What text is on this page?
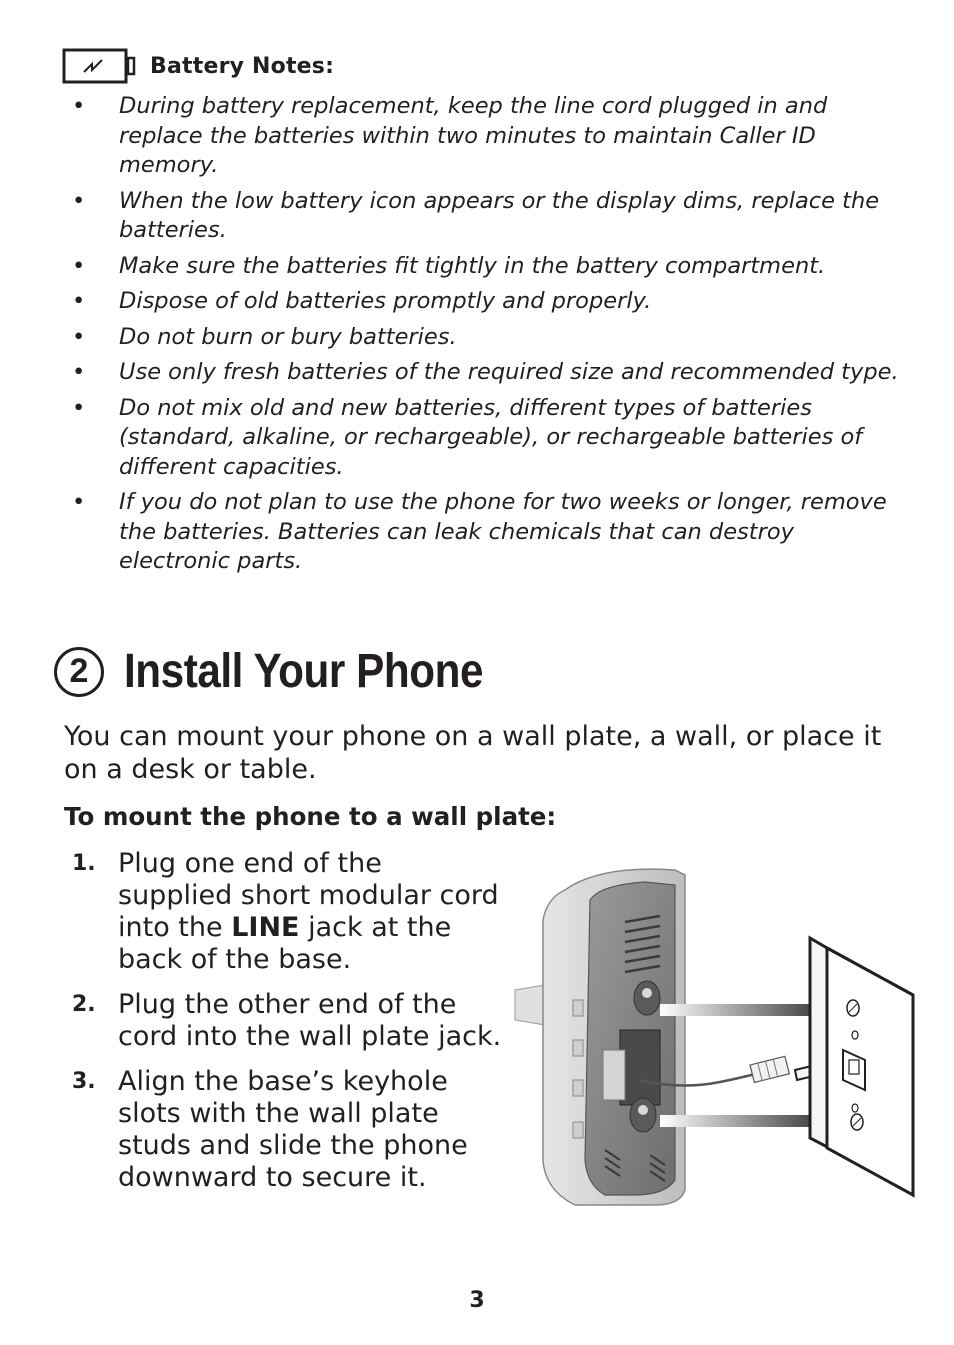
Battery Notes:
• During battery replacement, keep the line cord plugged in and replace the batteries within two minutes to maintain Caller ID memory.
• When the low battery icon appears or the display dims, replace the batteries.
• Make sure the batteries fit tightly in the battery compartment.
• Dispose of old batteries promptly and properly.
• Do not burn or bury batteries.
• Use only fresh batteries of the required size and recommended type.
• Do not mix old and new batteries, different types of batteries (standard, alkaline, or rechargeable), or rechargeable batteries of different capacities.
• If you do not plan to use the phone for two weeks or longer, remove the batteries. Batteries can leak chemicals that can destroy electronic parts.
2 Install Your Phone

You can mount your phone on a wall plate, a wall, or place it on a desk or table.

To mount the phone to a wall plate:

1. Plug one end of the supplied short modular cord into the LINE jack at the back of the base.
2. Plug the other end of the cord into the wall plate jack.
3. Align the base’s keyhole slots with the wall plate studs and slide the phone downward to secure it.
3
